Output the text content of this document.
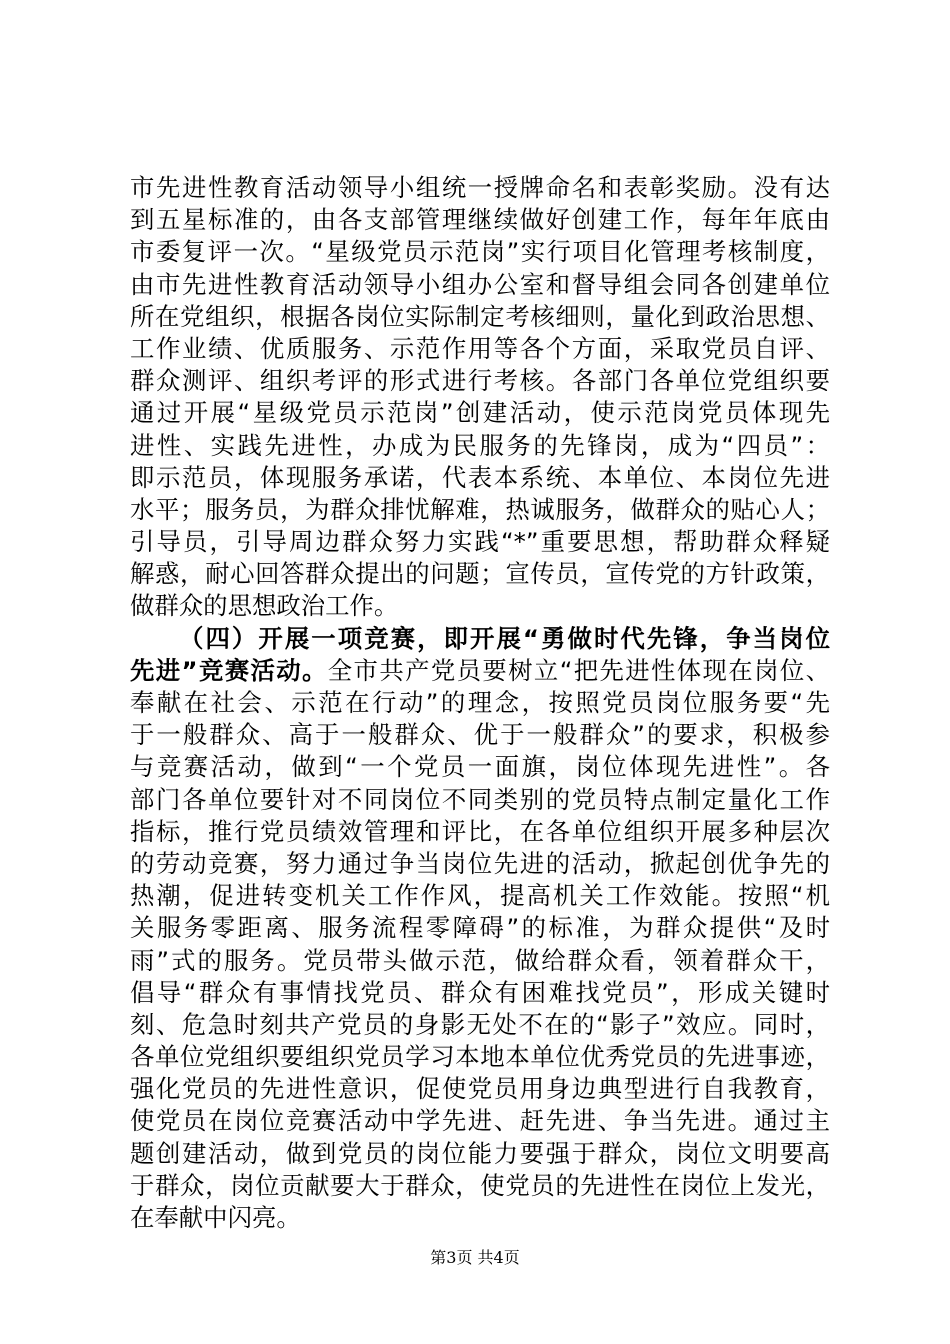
市先进性教育活动领导小组统一授牌命名和表彰奖励。没有达
到五星标准的，由各支部管理继续做好创建工作，每年年底由
市委复评一次。“星级党员示范岗”实行项目化管理考核制度，
由市先进性教育活动领导小组办公室和督导组会同各创建单位
所在党组织，根据各岗位实际制定考核细则，量化到政治思想、
工作业绩、优质服务、示范作用等各个方面，采取党员自评、
群众测评、组织考评的形式进行考核。各部门各单位党组织要
通过开展“星级党员示范岗”创建活动，使示范岗党员体现先
进性、实践先进性，办成为民服务的先锋岗，成为“四员”：
即示范员，体现服务承诺，代表本系统、本单位、本岗位先进
水平；服务员，为群众排忧解难，热诚服务，做群众的贴心人；
引导员，引导周边群众努力实践“*”重要思想，帮助群众释疑
解惑，耐心回答群众提出的问题；宣传员，宣传党的方针政策，
做群众的思想政治工作。
（四）开展一项竞赛，即开展“勇做时代先锋，争当岗位
先进”竞赛活动。全市共产党员要树立“把先进性体现在岗位、
奉献在社会、示范在行动”的理念，按照党员岗位服务要“先
于一般群众、高于一般群众、优于一般群众”的要求，积极参
与竞赛活动，做到“一个党员一面旗，岗位体现先进性”。各
部门各单位要针对不同岗位不同类别的党员特点制定量化工作
指标，推行党员绩效管理和评比，在各单位组织开展多种层次
的劳动竞赛，努力通过争当岗位先进的活动，掀起创优争先的
热潮，促进转变机关工作作风，提高机关工作效能。按照“机
关服务零距离、服务流程零障碍”的标准，为群众提供“及时
雨”式的服务。党员带头做示范，做给群众看，领着群众干，
倡导“群众有事情找党员、群众有困难找党员”，形成关键时
刻、危急时刻共产党员的身影无处不在的“影子”效应。同时，
各单位党组织要组织党员学习本地本单位优秀党员的先进事迹，
强化党员的先进性意识，促使党员用身边典型进行自我教育，
使党员在岗位竞赛活动中学先进、赶先进、争当先进。通过主
题创建活动，做到党员的岗位能力要强于群众，岗位文明要高
于群众，岗位贡献要大于群众，使党员的先进性在岗位上发光，
在奉献中闪亮。
第3页 共4页
